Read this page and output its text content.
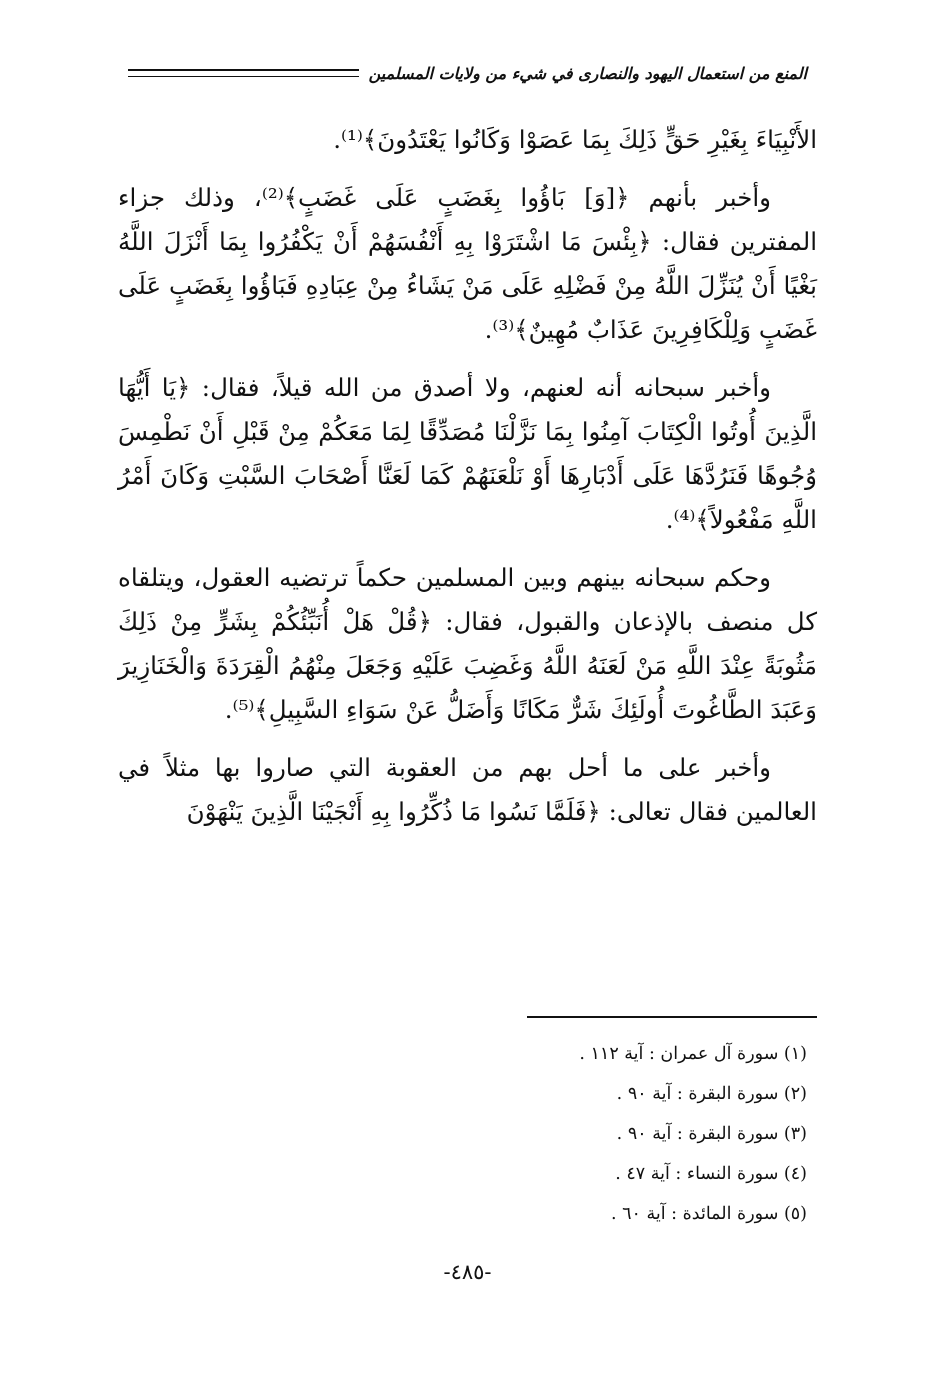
المنع من استعمال اليهود والنصارى في شيء من ولايات المسلمين

الأَنْبِيَاءَ بِغَيْرِ حَقٍّ ذَلِكَ بِمَا عَصَوْا وَكَانُوا يَعْتَدُونَ﴾⁽¹⁾.

وأخبر بأنهم ﴿[وَ] بَاؤُوا بِغَضَبٍ عَلَى غَضَبٍ﴾⁽²⁾، وذلك جزاء المفترين فقال: ﴿بِئْسَ مَا اشْتَرَوْا بِهِ أَنْفُسَهُمْ أَنْ يَكْفُرُوا بِمَا أَنْزَلَ اللَّهُ بَغْيًا أَنْ يُنَزِّلَ اللَّهُ مِنْ فَضْلِهِ عَلَى مَنْ يَشَاءُ مِنْ عِبَادِهِ فَبَاؤُوا بِغَضَبٍ عَلَى غَضَبٍ وَلِلْكَافِرِينَ عَذَابٌ مُهِينٌ﴾⁽³⁾.

وأخبر سبحانه أنه لعنهم، ولا أصدق من الله قيلاً، فقال: ﴿يَا أَيُّهَا الَّذِينَ أُوتُوا الْكِتَابَ آمِنُوا بِمَا نَزَّلْنَا مُصَدِّقًا لِمَا مَعَكُمْ مِنْ قَبْلِ أَنْ نَطْمِسَ وُجُوهًا فَنَرُدَّهَا عَلَى أَدْبَارِهَا أَوْ نَلْعَنَهُمْ كَمَا لَعَنَّا أَصْحَابَ السَّبْتِ وَكَانَ أَمْرُ اللَّهِ مَفْعُولاً﴾⁽⁴⁾.

وحكم سبحانه بينهم وبين المسلمين حكماً ترتضيه العقول، ويتلقاه كل منصف بالإذعان والقبول، فقال: ﴿قُلْ هَلْ أُنَبِّئُكُمْ بِشَرٍّ مِنْ ذَلِكَ مَثُوبَةً عِنْدَ اللَّهِ مَنْ لَعَنَهُ اللَّهُ وَغَضِبَ عَلَيْهِ وَجَعَلَ مِنْهُمُ الْقِرَدَةَ وَالْخَنَازِيرَ وَعَبَدَ الطَّاغُوتَ أُولَئِكَ شَرٌّ مَكَانًا وَأَضَلُّ عَنْ سَوَاءِ السَّبِيلِ﴾⁽⁵⁾.

وأخبر على ما أحل بهم من العقوبة التي صاروا بها مثلاً في العالمين فقال تعالى: ﴿فَلَمَّا نَسُوا مَا ذُكِّرُوا بِهِ أَنْجَيْنَا الَّذِينَ يَنْهَوْنَ

(١) سورة آل عمران : آية ١١٢ .

(٢) سورة البقرة : آية ٩٠ .

(٣) سورة البقرة : آية ٩٠ .

(٤) سورة النساء : آية ٤٧ .

(٥) سورة المائدة : آية ٦٠ .

-٤٨٥-
